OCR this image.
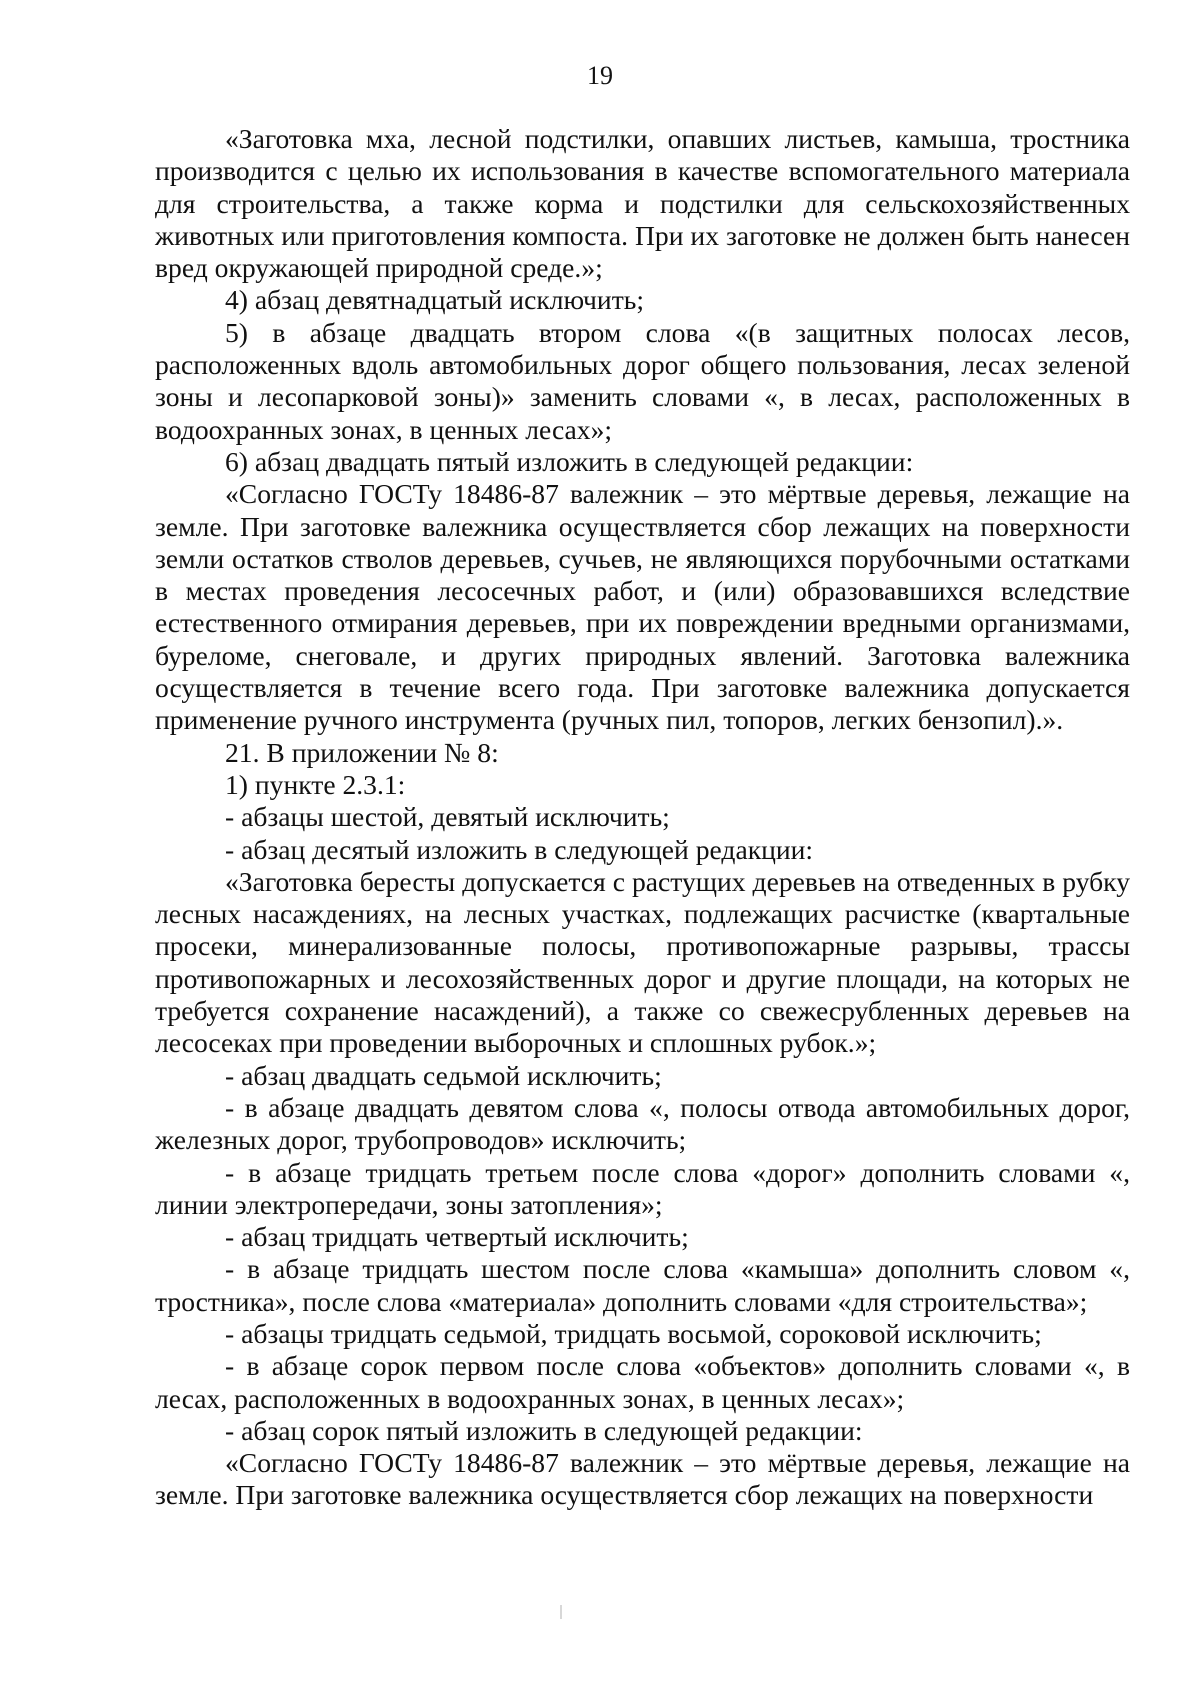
19

«Заготовка мха, лесной подстилки, опавших листьев, камыша, тростника производится с целью их использования в качестве вспомогательного материала для строительства, а также корма и подстилки для сельскохозяйственных животных или приготовления компоста. При их заготовке не должен быть нанесен вред окружающей природной среде.»;

4) абзац девятнадцатый исключить;

5) в абзаце двадцать втором слова «(в защитных полосах лесов, расположенных вдоль автомобильных дорог общего пользования, лесах зеленой зоны и лесопарковой зоны)» заменить словами «, в лесах, расположенных в водоохранных зонах, в ценных лесах»;

6) абзац двадцать пятый изложить в следующей редакции:

«Согласно ГОСТу 18486-87 валежник – это мёртвые деревья, лежащие на земле. При заготовке валежника осуществляется сбор лежащих на поверхности земли остатков стволов деревьев, сучьев, не являющихся порубочными остатками в местах проведения лесосечных работ, и (или) образовавшихся вследствие естественного отмирания деревьев, при их повреждении вредными организмами, буреломе, снеговале, и других природных явлений. Заготовка валежника осуществляется в течение всего года. При заготовке валежника допускается применение ручного инструмента (ручных пил, топоров, легких бензопил).».

21. В приложении № 8:

1) пункте 2.3.1:

- абзацы шестой, девятый исключить;

- абзац десятый изложить в следующей редакции:

«Заготовка бересты допускается с растущих деревьев на отведенных в рубку лесных насаждениях, на лесных участках, подлежащих расчистке (квартальные просеки, минерализованные полосы, противопожарные разрывы, трассы противопожарных и лесохозяйственных дорог и другие площади, на которых не требуется сохранение насаждений), а также со свежесрубленных деревьев на лесосеках при проведении выборочных и сплошных рубок.»;

- абзац двадцать седьмой исключить;

- в абзаце двадцать девятом слова «, полосы отвода автомобильных дорог, железных дорог, трубопроводов» исключить;

- в абзаце тридцать третьем после слова «дорог» дополнить словами «, линии электропередачи, зоны затопления»;

- абзац тридцать четвертый исключить;

- в абзаце тридцать шестом после слова «камыша» дополнить словом «, тростника», после слова «материала» дополнить словами «для строительства»;

- абзацы тридцать седьмой, тридцать восьмой, сороковой исключить;

- в абзаце сорок первом после слова «объектов» дополнить словами «, в лесах, расположенных в водоохранных зонах, в ценных лесах»;

- абзац сорок пятый изложить в следующей редакции:

«Согласно ГОСТу 18486-87 валежник – это мёртвые деревья, лежащие на земле. При заготовке валежника осуществляется сбор лежащих на поверхности
